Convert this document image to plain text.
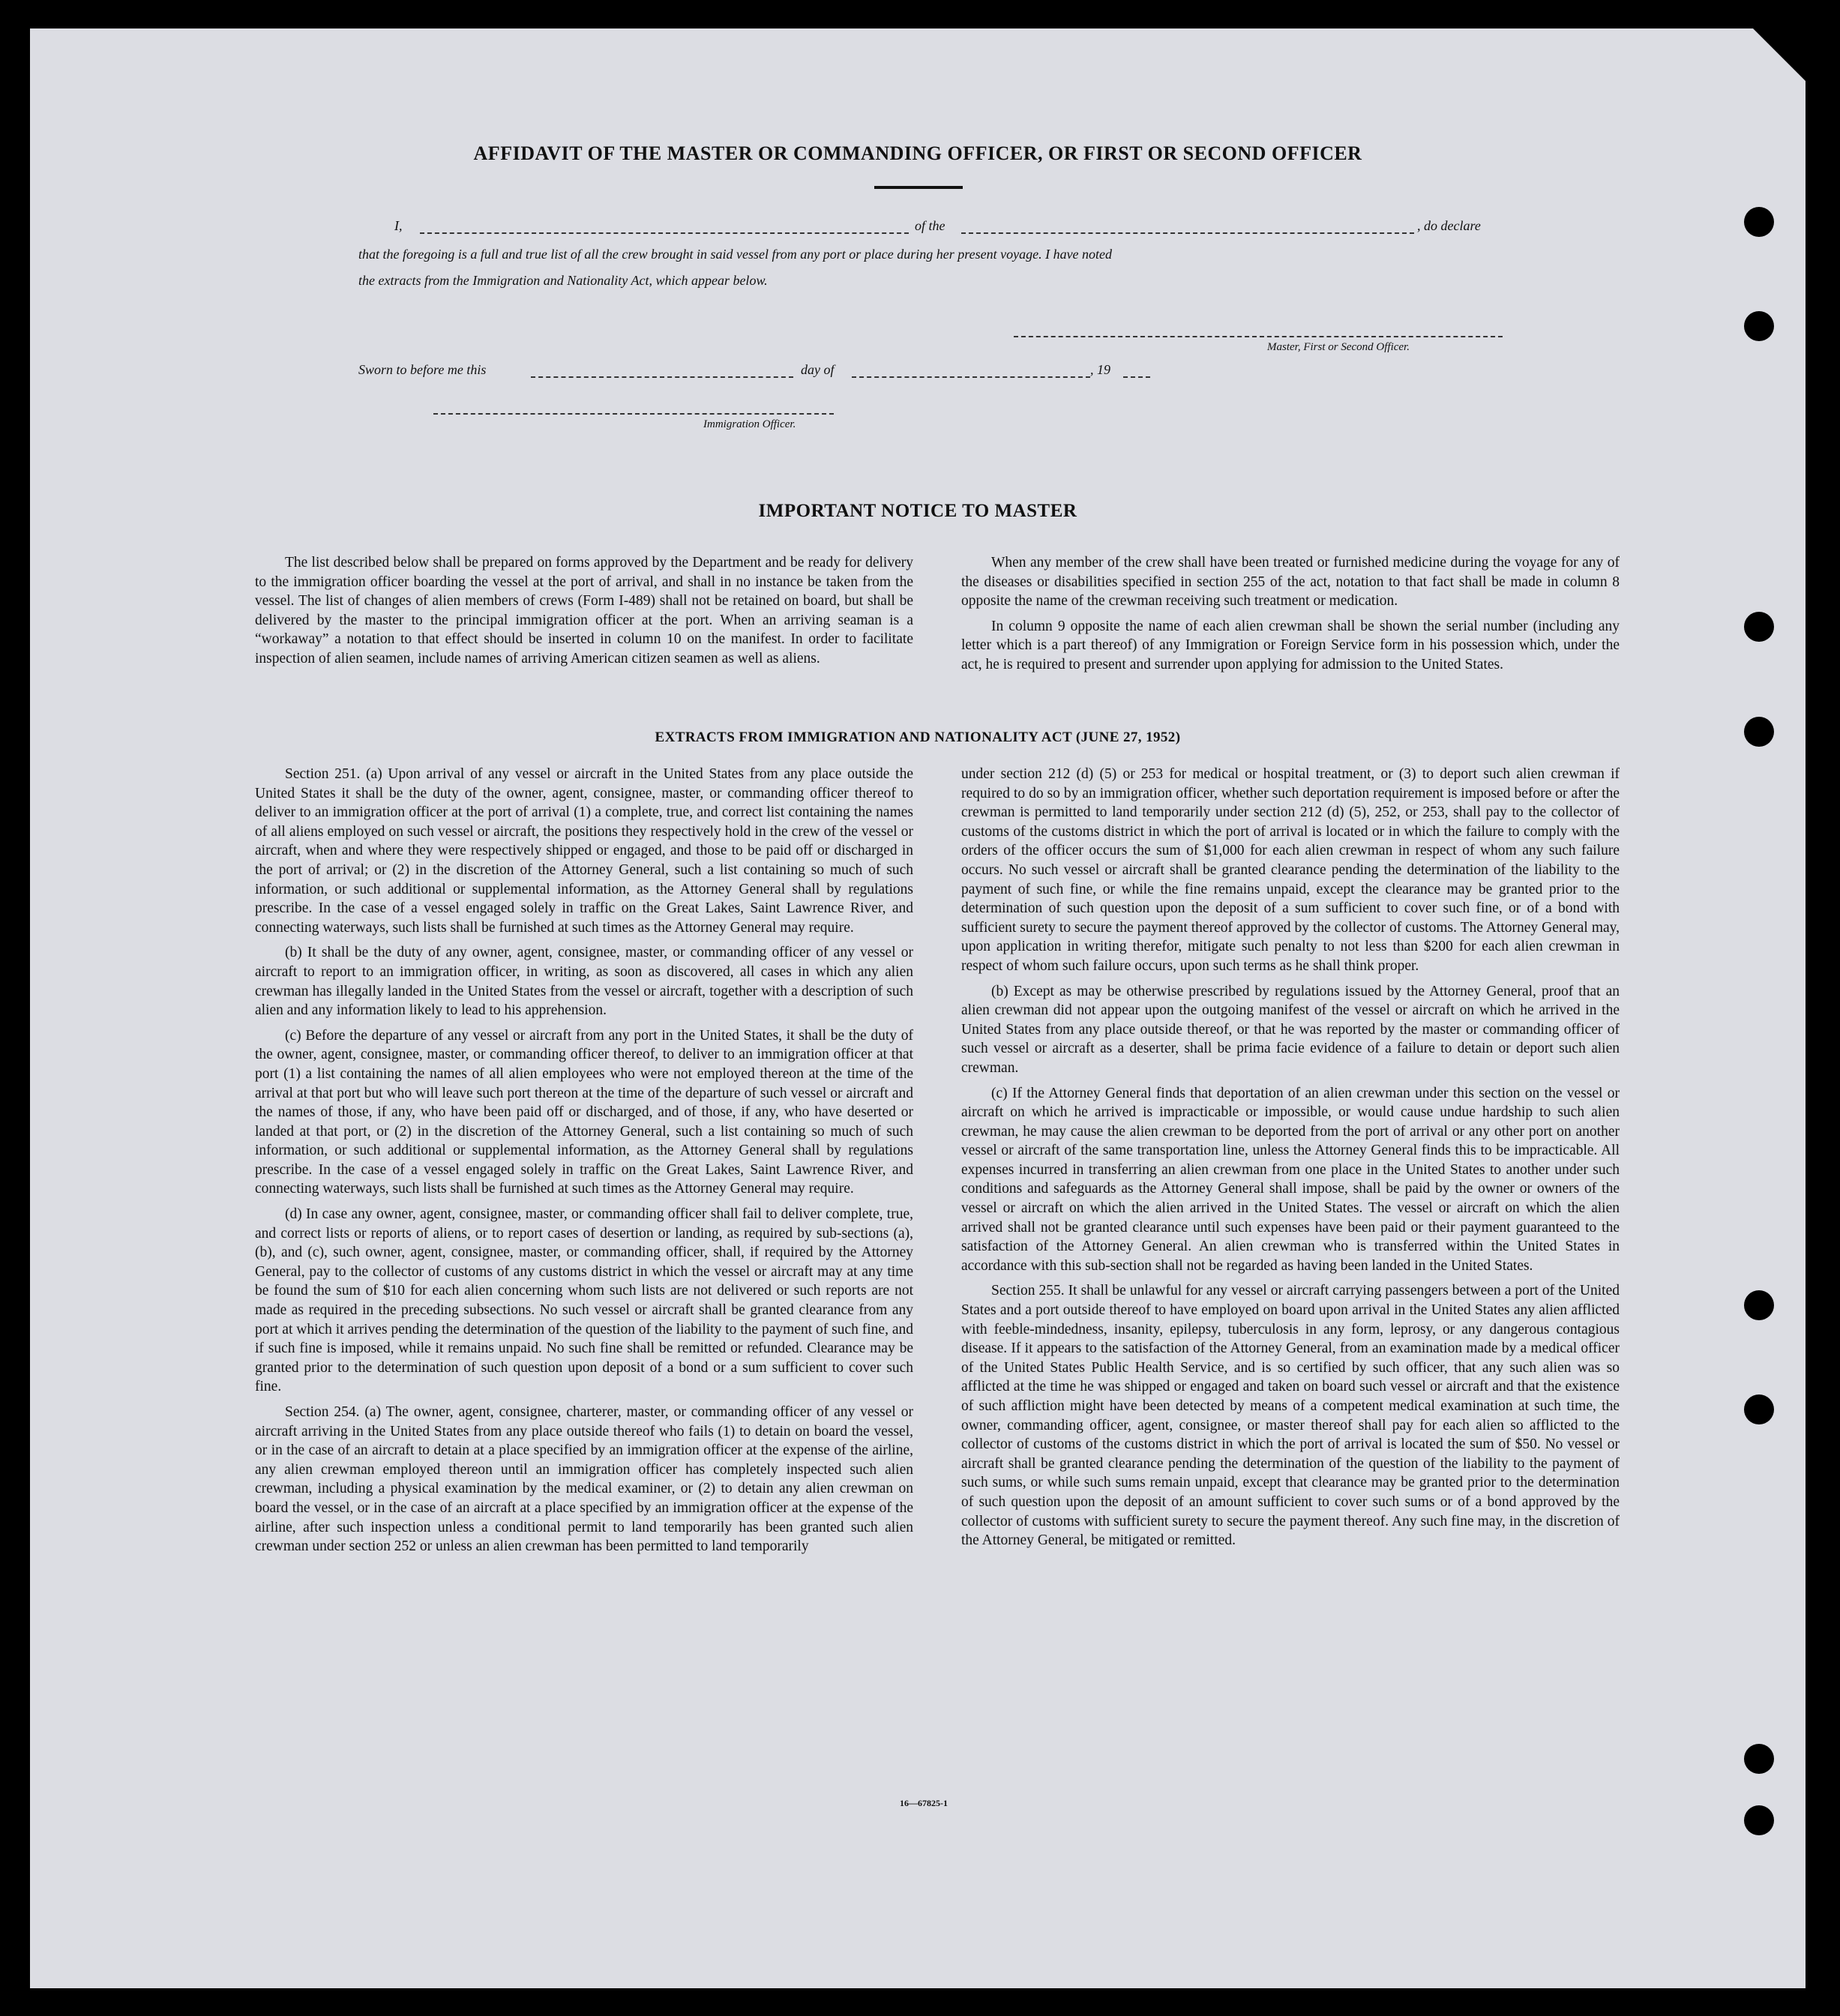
AFFIDAVIT OF THE MASTER OR COMMANDING OFFICER, OR FIRST OR SECOND OFFICER
I,	of the	, do declare
that the foregoing is a full and true list of all the crew brought in said vessel from any port or place during her present voyage. I have noted
the extracts from the Immigration and Nationality Act, which appear below.
Master, First or Second Officer.
Sworn to before me this	day of	, 19
Immigration Officer.
IMPORTANT NOTICE TO MASTER

The list described below shall be prepared on forms approved by the Department and be ready for delivery to the immigration officer boarding the vessel at the port of arrival, and shall in no instance be taken from the vessel. The list of changes of alien members of crews (Form I-489) shall not be retained on board, but shall be delivered by the master to the principal immigration officer at the port. When an arriving seaman is a “workaway” a notation to that effect should be inserted in column 10 on the manifest. In order to facilitate inspection of alien seamen, include names of arriving American citizen seamen as well as aliens.

When any member of the crew shall have been treated or furnished medicine during the voyage for any of the diseases or disabilities specified in section 255 of the act, notation to that fact shall be made in column 8 opposite the name of the crewman receiving such treatment or medication.

In column 9 opposite the name of each alien crewman shall be shown the serial number (including any letter which is a part thereof) of any Immigration or Foreign Service form in his possession which, under the act, he is required to present and surrender upon applying for admission to the United States.

EXTRACTS FROM IMMIGRATION AND NATIONALITY ACT (JUNE 27, 1952)

Section 251. (a) Upon arrival of any vessel or aircraft in the United States from any place outside the United States it shall be the duty of the owner, agent, consignee, master, or commanding officer thereof to deliver to an immigration officer at the port of arrival (1) a complete, true, and correct list containing the names of all aliens employed on such vessel or aircraft, the positions they respectively hold in the crew of the vessel or aircraft, when and where they were respectively shipped or engaged, and those to be paid off or discharged in the port of arrival; or (2) in the discretion of the Attorney General, such a list containing so much of such information, or such additional or supplemental information, as the Attorney General shall by regulations prescribe. In the case of a vessel engaged solely in traffic on the Great Lakes, Saint Lawrence River, and connecting waterways, such lists shall be furnished at such times as the Attorney General may require.

(b) It shall be the duty of any owner, agent, consignee, master, or commanding officer of any vessel or aircraft to report to an immigration officer, in writing, as soon as discovered, all cases in which any alien crewman has illegally landed in the United States from the vessel or aircraft, together with a description of such alien and any information likely to lead to his apprehension.

(c) Before the departure of any vessel or aircraft from any port in the United States, it shall be the duty of the owner, agent, consignee, master, or commanding officer thereof, to deliver to an immigration officer at that port (1) a list containing the names of all alien employees who were not employed thereon at the time of the arrival at that port but who will leave such port thereon at the time of the departure of such vessel or aircraft and the names of those, if any, who have been paid off or discharged, and of those, if any, who have deserted or landed at that port, or (2) in the discretion of the Attorney General, such a list containing so much of such information, or such additional or supplemental information, as the Attorney General shall by regulations prescribe. In the case of a vessel engaged solely in traffic on the Great Lakes, Saint Lawrence River, and connecting waterways, such lists shall be furnished at such times as the Attorney General may require.

(d) In case any owner, agent, consignee, master, or commanding officer shall fail to deliver complete, true, and correct lists or reports of aliens, or to report cases of desertion or landing, as required by sub-sections (a), (b), and (c), such owner, agent, consignee, master, or commanding officer, shall, if required by the Attorney General, pay to the collector of customs of any customs district in which the vessel or aircraft may at any time be found the sum of $10 for each alien concerning whom such lists are not delivered or such reports are not made as required in the preceding subsections. No such vessel or aircraft shall be granted clearance from any port at which it arrives pending the determination of the question of the liability to the payment of such fine, and if such fine is imposed, while it remains unpaid. No such fine shall be remitted or refunded. Clearance may be granted prior to the determination of such question upon deposit of a bond or a sum sufficient to cover such fine.

Section 254. (a) The owner, agent, consignee, charterer, master, or commanding officer of any vessel or aircraft arriving in the United States from any place outside thereof who fails (1) to detain on board the vessel, or in the case of an aircraft to detain at a place specified by an immigration officer at the expense of the airline, any alien crewman employed thereon until an immigration officer has completely inspected such alien crewman, including a physical examination by the medical examiner, or (2) to detain any alien crewman on board the vessel, or in the case of an aircraft at a place specified by an immigration officer at the expense of the airline, after such inspection unless a conditional permit to land temporarily has been granted such alien crewman under section 252 or unless an alien crewman has been permitted to land temporarily

under section 212 (d) (5) or 253 for medical or hospital treatment, or (3) to deport such alien crewman if required to do so by an immigration officer, whether such deportation requirement is imposed before or after the crewman is permitted to land temporarily under section 212 (d) (5), 252, or 253, shall pay to the collector of customs of the customs district in which the port of arrival is located or in which the failure to comply with the orders of the officer occurs the sum of $1,000 for each alien crewman in respect of whom any such failure occurs. No such vessel or aircraft shall be granted clearance pending the determination of the liability to the payment of such fine, or while the fine remains unpaid, except the clearance may be granted prior to the determination of such question upon the deposit of a sum sufficient to cover such fine, or of a bond with sufficient surety to secure the payment thereof approved by the collector of customs. The Attorney General may, upon application in writing therefor, mitigate such penalty to not less than $200 for each alien crewman in respect of whom such failure occurs, upon such terms as he shall think proper.

(b) Except as may be otherwise prescribed by regulations issued by the Attorney General, proof that an alien crewman did not appear upon the outgoing manifest of the vessel or aircraft on which he arrived in the United States from any place outside thereof, or that he was reported by the master or commanding officer of such vessel or aircraft as a deserter, shall be prima facie evidence of a failure to detain or deport such alien crewman.

(c) If the Attorney General finds that deportation of an alien crewman under this section on the vessel or aircraft on which he arrived is impracticable or impossible, or would cause undue hardship to such alien crewman, he may cause the alien crewman to be deported from the port of arrival or any other port on another vessel or aircraft of the same transportation line, unless the Attorney General finds this to be impracticable. All expenses incurred in transferring an alien crewman from one place in the United States to another under such conditions and safeguards as the Attorney General shall impose, shall be paid by the owner or owners of the vessel or aircraft on which the alien arrived in the United States. The vessel or aircraft on which the alien arrived shall not be granted clearance until such expenses have been paid or their payment guaranteed to the satisfaction of the Attorney General. An alien crewman who is transferred within the United States in accordance with this sub-section shall not be regarded as having been landed in the United States.

Section 255. It shall be unlawful for any vessel or aircraft carrying passengers between a port of the United States and a port outside thereof to have employed on board upon arrival in the United States any alien afflicted with feeble-mindedness, insanity, epilepsy, tuberculosis in any form, leprosy, or any dangerous contagious disease. If it appears to the satisfaction of the Attorney General, from an examination made by a medical officer of the United States Public Health Service, and is so certified by such officer, that any such alien was so afflicted at the time he was shipped or engaged and taken on board such vessel or aircraft and that the existence of such affliction might have been detected by means of a competent medical examination at such time, the owner, commanding officer, agent, consignee, or master thereof shall pay for each alien so afflicted to the collector of customs of the customs district in which the port of arrival is located the sum of $50. No vessel or aircraft shall be granted clearance pending the determination of the question of the liability to the payment of such sums, or while such sums remain unpaid, except that clearance may be granted prior to the determination of such question upon the deposit of an amount sufficient to cover such sums or of a bond approved by the collector of customs with sufficient surety to secure the payment thereof. Any such fine may, in the discretion of the Attorney General, be mitigated or remitted.

16—67825-1
